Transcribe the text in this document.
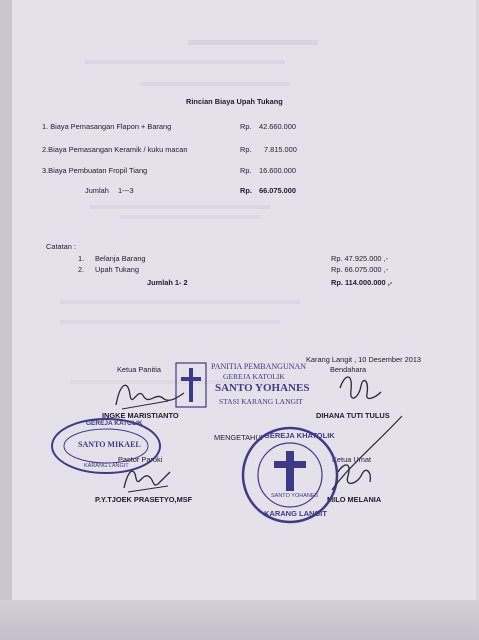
Rincian Biaya Upah Tukang
1. Biaya Pemasangan Flapon + Barang	Rp. 42.660.000
2.Biaya Pemasangan Keramik / kuku macan	Rp. 7.815.000
3.Biaya Pembuatan Fropil Tiang	Rp. 16.600.000
Jumlah 1---3	Rp. 66.075.000
Catatan :
1. Belanja Barang	Rp. 47.925.000 ,-
2. Upah Tukang	Rp. 66.075.000 ,-
Jumlah 1- 2	Rp. 114.000.000 ,-
Karang Langit , 10 Desember 2013
Ketua Panitia	Bendahara
INGKE MARISTIANTO	DIHANA TUTI TULUS
MENGETAHUI
Pastor Paroki	Ketua Umat
P.Y.TJOEK PRASETYO,MSF	MILO MELANIA
PANITIA PEMBANGUNAN
GEREJA KATOLIK
SANTO YOHANES
STASI KARANG LANGIT
GEREJA KATOLIK
SANTO MIKAEL
KARANG LANGIT
GEREJA KHATOLIK
SANTO YOHANES
KARANG LANGIT
